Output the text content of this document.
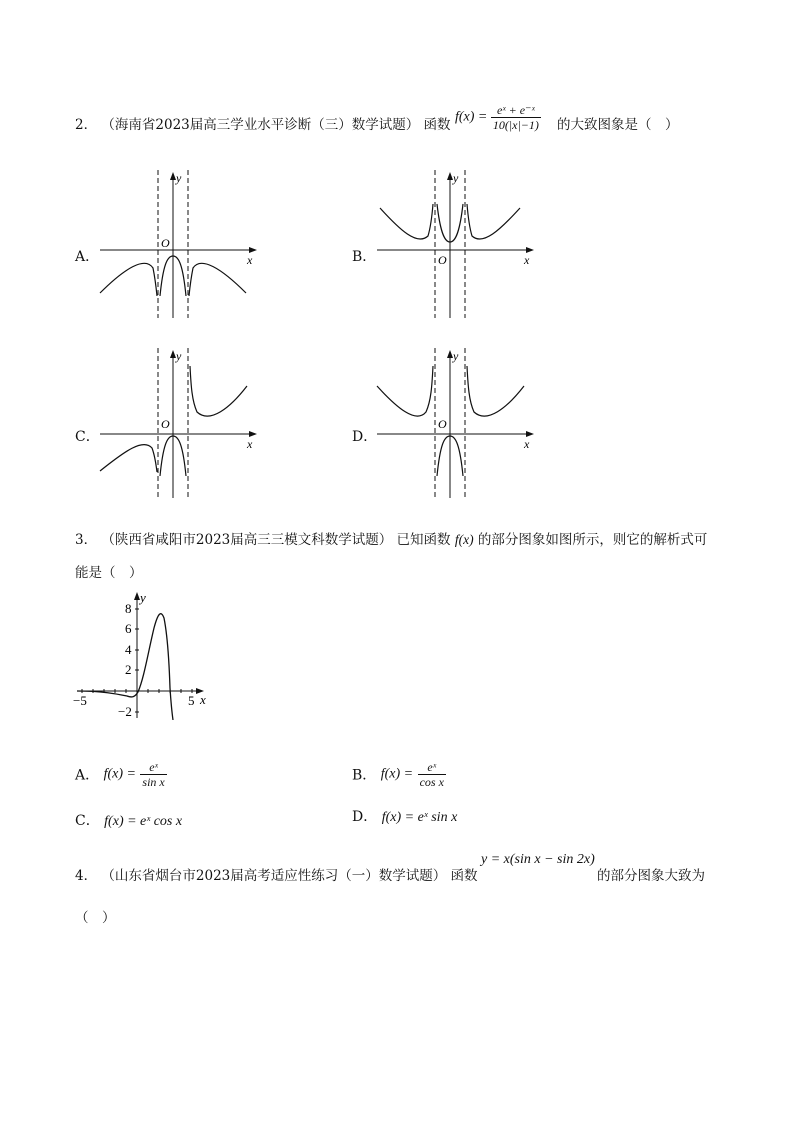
2． （海南省2023届高三学业水平诊断（三）数学试题） 函数 $f(x) = \frac{\text{eˣ + e⁻ˣ}}{10(|x|-1)}$ 的大致图象是（　）
A．
O
x
y
B．	O	x
y
C．
O
x
y
D．
O
x
y
3． （陕西省咸阳市2023届高三三模文科数学试题） 已知函数 f(x) 的部分图象如图所示，则它的解析式可
能是（　）
−5	5
8
6
4
2
−2
x
y
A． $f(x) = \frac{\text{eˣ}}{\text{sin x}}$	B． $f(x) = \frac{\text{eˣ}}{\text{cos x}}$
C． f(x) = eˣ cos x	D． f(x) = eˣ sin x
4． （山东省烟台市2023届高考适应性练习（一）数学试题） 函数
y = x(sin x − sin 2x)
的部分图象大致为
（　）
